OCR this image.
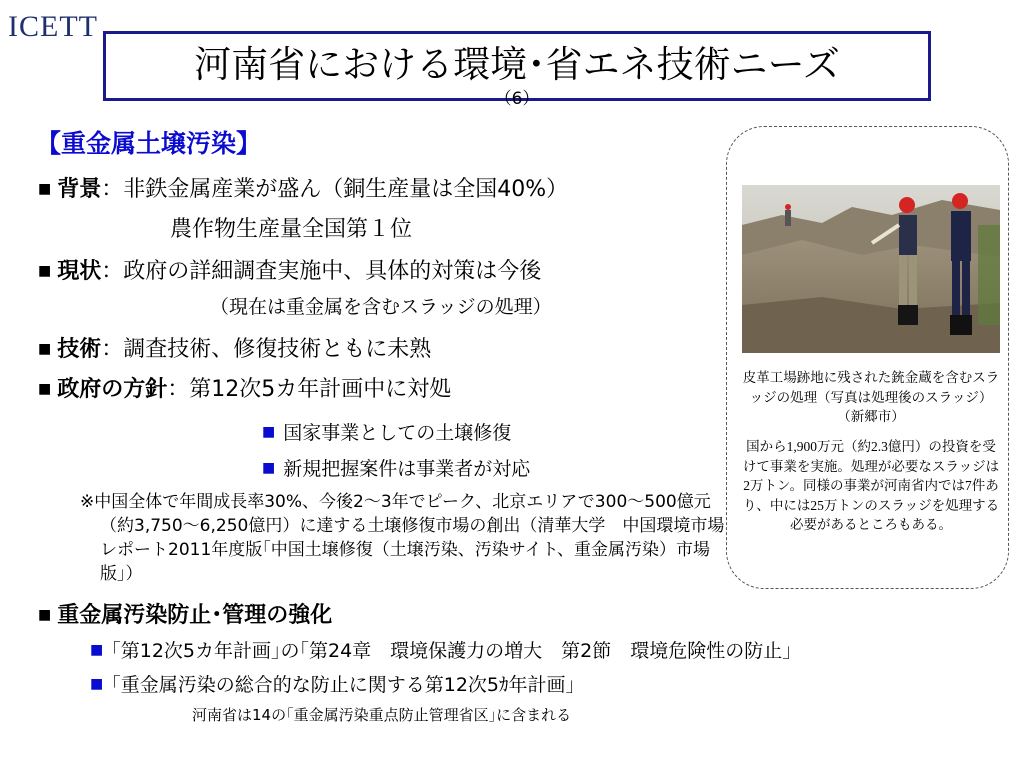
ICETT
河南省における環境･省エネ技術ニーズ
（6）
【重金属土壌汚染】
■ 背景：非鉄金属産業が盛ん（銅生産量は全国40%）
農作物生産量全国第１位
■ 現状：政府の詳細調査実施中、具体的対策は今後
（現在は重金属を含むスラッジの処理）
■ 技術：調査技術、修復技術ともに未熟
■ 政府の方針：第12次5カ年計画中に対処
■ 国家事業としての土壌修復
■ 新規把握案件は事業者が対応
※中国全体で年間成長率30%、今後2～3年でピーク、北京エリアで300～500億元（約3,750～6,250億円）に達する土壌修復市場の創出（清華大学　中国環境市場レポート2011年度版｢中国土壌修復（土壌汚染、汚染サイト、重金属汚染）市場版｣）
■ 重金属汚染防止･管理の強化
■ ｢第12次5カ年計画｣の｢第24章　環境保護力の増大　第2節　環境危険性の防止｣
■ ｢重金属汚染の総合的な防止に関する第12次5ｶ年計画｣
河南省は14の｢重金属汚染重点防止管理省区｣に含まれる
皮革工場跡地に残された銃金蔵を含むスラッジの処理（写真は処理後のスラッジ）（新郷市）
国から1,900万元（約2.3億円）の投資を受けて事業を実施。処理が必要なスラッジは2万トン。同様の事業が河南省内では7件あり、中には25万トンのスラッジを処理する必要があるところもある。
